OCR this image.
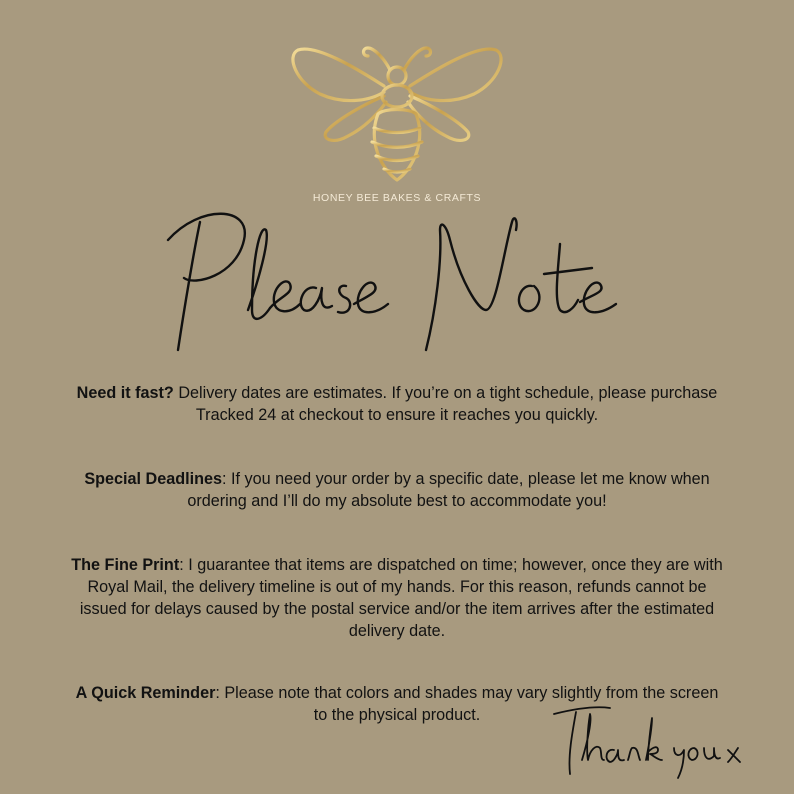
HONEY BEE BAKES & CRAFTS
Need it fast? Delivery dates are estimates. If you’re on a tight schedule, please purchase Tracked 24 at checkout to ensure it reaches you quickly.
Special Deadlines: If you need your order by a specific date, please let me know when ordering and I’ll do my absolute best to accommodate you!
The Fine Print: I guarantee that items are dispatched on time; however, once they are with Royal Mail, the delivery timeline is out of my hands. For this reason, refunds cannot be issued for delays caused by the postal service and/or the item arrives after the estimated delivery date.
A Quick Reminder: Please note that colors and shades may vary slightly from the screen to the physical product.
